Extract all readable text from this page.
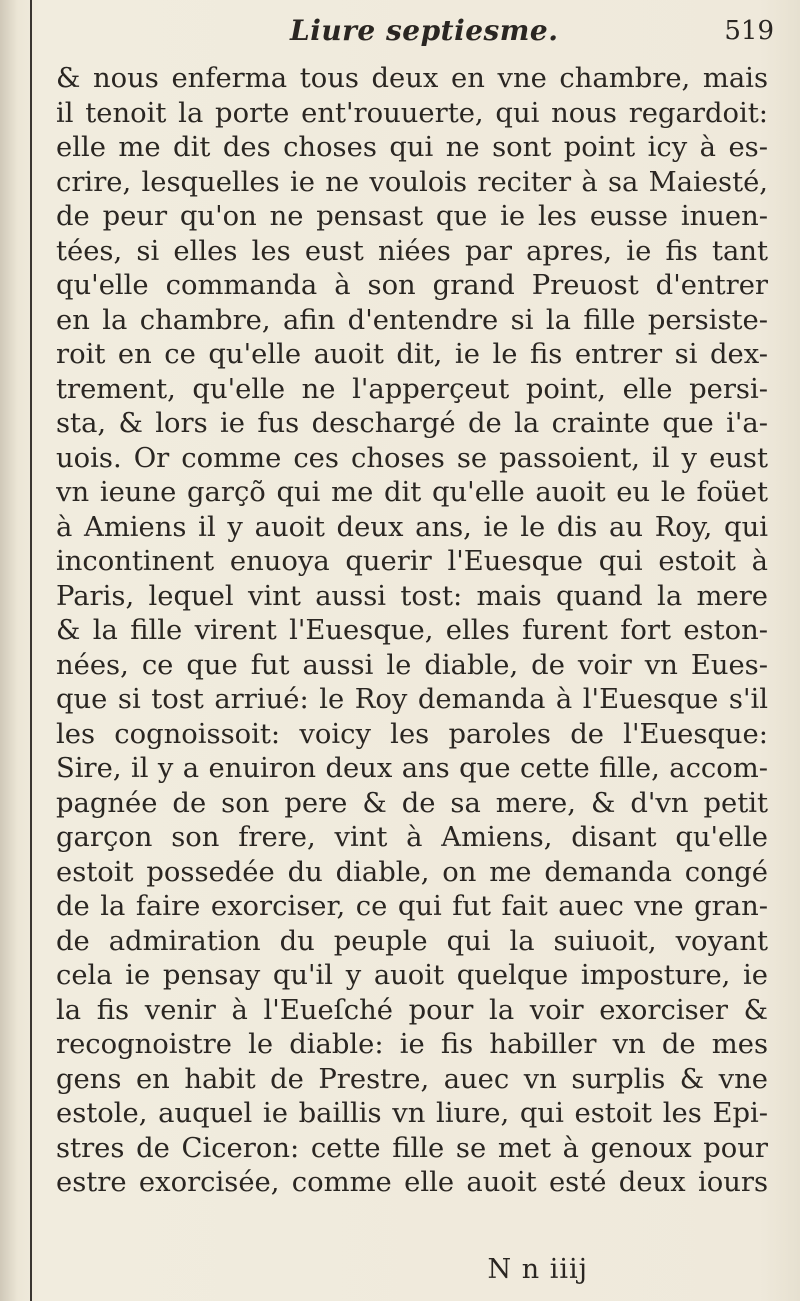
Liure septiesme.	519
& nous enferma tous deux en vne chambre, mais
il tenoit la porte ent'rouuerte, qui nous regardoit:
elle me dit des choses qui ne sont point icy à es-
crire, lesquelles ie ne voulois reciter à sa Maiesté,
de peur qu'on ne pensast que ie les eusse inuen-
tées, si elles les eust niées par apres, ie fis tant
qu'elle commanda à son grand Preuost d'entrer
en la chambre, afin d'entendre si la fille persiste-
roit en ce qu'elle auoit dit, ie le fis entrer si dex-
trement, qu'elle ne l'apperçeut point, elle persi-
sta, & lors ie fus deschargé de la crainte que i'a-
uois. Or comme ces choses se passoient, il y eust
vn ieune garçõ qui me dit qu'elle auoit eu le foüet
à Amiens il y auoit deux ans, ie le dis au Roy, qui
incontinent enuoya querir l'Euesque qui estoit à
Paris, lequel vint aussi tost: mais quand la mere
& la fille virent l'Euesque, elles furent fort eston-
nées, ce que fut aussi le diable, de voir vn Eues-
que si tost arriué: le Roy demanda à l'Euesque s'il
les cognoissoit: voicy les paroles de l'Euesque:
Sire, il y a enuiron deux ans que cette fille, accom-
pagnée de son pere & de sa mere, & d'vn petit
garçon son frere, vint à Amiens, disant qu'elle
estoit possedée du diable, on me demanda congé
de la faire exorciser, ce qui fut fait auec vne gran-
de admiration du peuple qui la suiuoit, voyant
cela ie pensay qu'il y auoit quelque imposture, ie
la fis venir à l'Eueſché pour la voir exorciser &
recognoistre le diable: ie fis habiller vn de mes
gens en habit de Prestre, auec vn surplis & vne
estole, auquel ie baillis vn liure, qui estoit les Epi-
stres de Ciceron: cette fille se met à genoux pour
estre exorcisée, comme elle auoit esté deux iours
N n iiij
